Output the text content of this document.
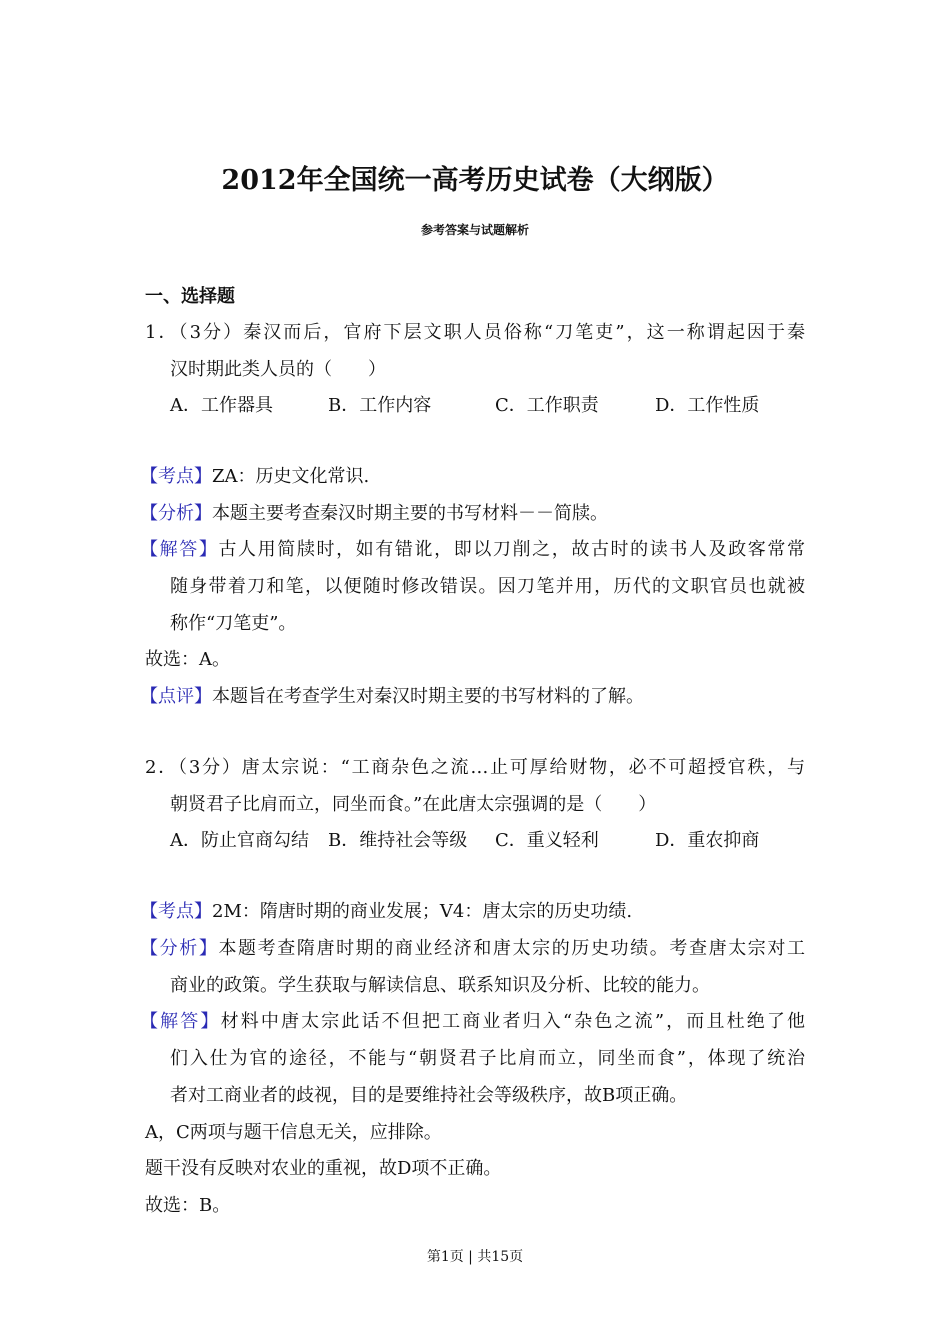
2012年全国统一高考历史试卷（大纲版）
参考答案与试题解析
一、选择题
1．（3分）秦汉而后，官府下层文职人员俗称“刀笔吏”，这一称谓起因于秦
汉时期此类人员的（　　）
A．工作器具	B．工作内容	C．工作职责	D．工作性质
【考点】ZA：历史文化常识.
【分析】本题主要考查秦汉时期主要的书写材料－－简牍。
【解答】古人用简牍时，如有错讹，即以刀削之，故古时的读书人及政客常常
随身带着刀和笔，以便随时修改错误。因刀笔并用，历代的文职官员也就被
称作“刀笔吏”。
故选：A。
【点评】本题旨在考查学生对秦汉时期主要的书写材料的了解。
2．（3分）唐太宗说：“工商杂色之流…止可厚给财物，必不可超授官秩，与
朝贤君子比肩而立，同坐而食。”在此唐太宗强调的是（　　）
A．防止官商勾结 B．维持社会等级 C．重义轻利	D．重农抑商
【考点】2M：隋唐时期的商业发展；V4：唐太宗的历史功绩.
【分析】本题考查隋唐时期的商业经济和唐太宗的历史功绩。考查唐太宗对工
商业的政策。学生获取与解读信息、联系知识及分析、比较的能力。
【解答】材料中唐太宗此话不但把工商业者归入“杂色之流”，而且杜绝了他
们入仕为官的途径，不能与“朝贤君子比肩而立，同坐而食”，体现了统治
者对工商业者的歧视，目的是要维持社会等级秩序，故B项正确。
A，C两项与题干信息无关，应排除。
题干没有反映对农业的重视，故D项不正确。
故选：B。
第1页 | 共15页
